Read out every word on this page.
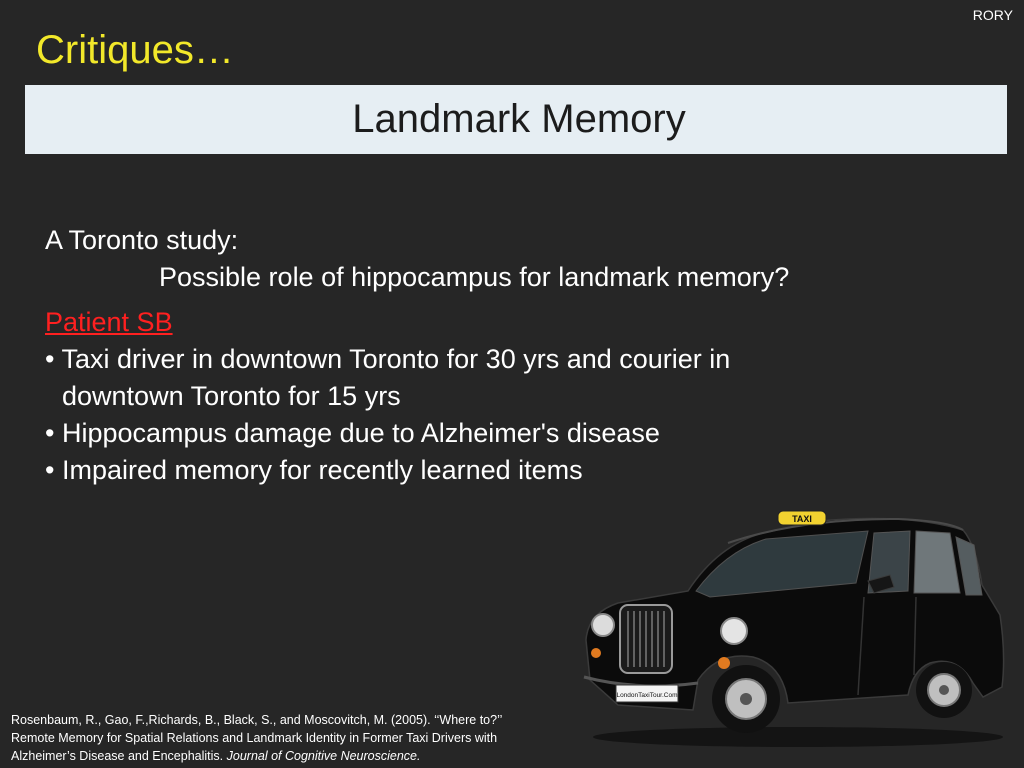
RORY
Critiques…
Landmark Memory
A Toronto study:
Possible role of hippocampus for landmark memory?
Patient SB
• Taxi driver in downtown Toronto for 30 yrs and courier in
downtown Toronto for 15 yrs
• Hippocampus damage due to Alzheimer's disease
• Impaired memory for recently learned items
TAXI
LondonTaxiTour.Com
Rosenbaum, R., Gao, F.,Richards, B., Black, S., and Moscovitch, M. (2005). ‘‘Where to?’’
Remote Memory for Spatial Relations and Landmark Identity in Former Taxi Drivers with
Alzheimer’s Disease and Encephalitis. Journal of Cognitive Neuroscience.
